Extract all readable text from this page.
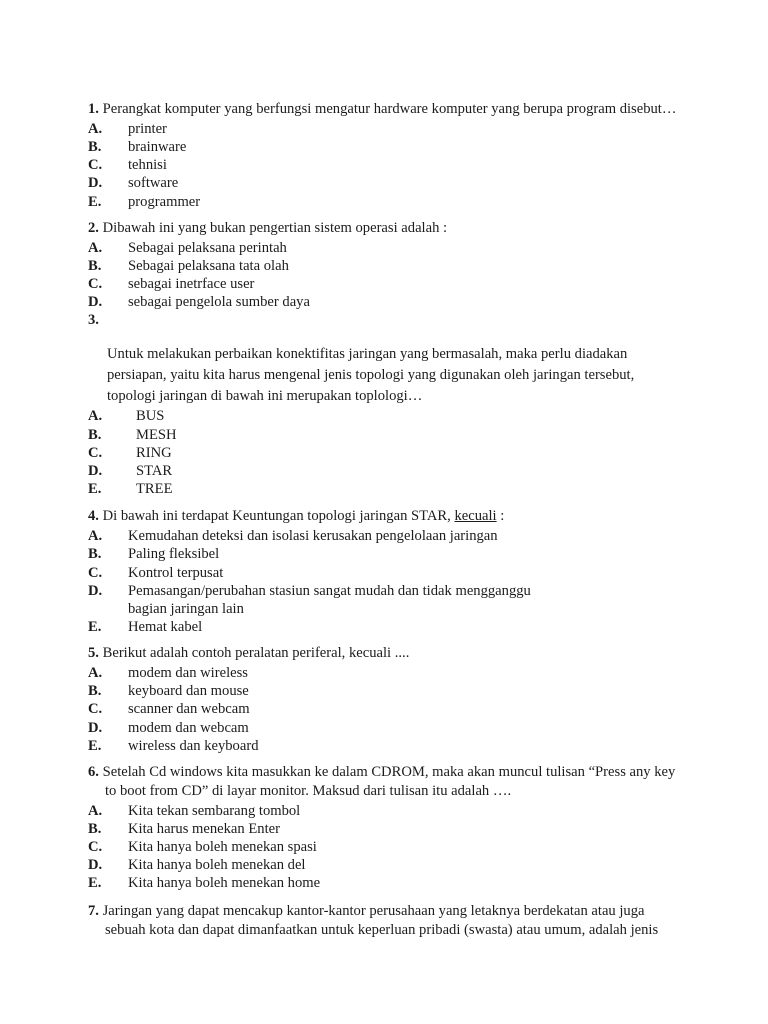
1. Perangkat komputer yang berfungsi mengatur hardware komputer yang berupa program disebut…

A.	printer
B.	brainware
C.	tehnisi
D.	software
E.	programmer

2. Dibawah ini yang bukan pengertian sistem operasi adalah :

A.	Sebagai pelaksana perintah
B.	Sebagai pelaksana tata olah
C.	sebagai inetrface user
D.	sebagai pengelola sumber daya

3.

Untuk melakukan perbaikan konektifitas jaringan yang bermasalah, maka perlu diadakan persiapan, yaitu kita harus mengenal jenis topologi yang digunakan oleh jaringan tersebut, topologi jaringan di bawah ini merupakan toplologi…

A.	BUS
B.	MESH
C.	RING
D.	STAR
E.	TREE

4. Di bawah ini terdapat Keuntungan topologi jaringan STAR, kecuali :

A.	Kemudahan deteksi dan isolasi kerusakan pengelolaan jaringan
B.	Paling fleksibel
C.	Kontrol terpusat
D.	Pemasangan/perubahan stasiun sangat mudah dan tidak mengganggu
bagian jaringan lain
E.	Hemat kabel

5. Berikut adalah contoh peralatan periferal, kecuali ....

A.	modem dan wireless
B.	keyboard dan mouse
C.	scanner dan webcam
D.	modem dan webcam
E.	wireless dan keyboard

6. Setelah Cd windows kita masukkan ke dalam CDROM, maka akan muncul tulisan “Press any key to boot from CD” di layar monitor. Maksud dari tulisan itu adalah ….

A.	Kita tekan sembarang tombol
B.	Kita harus menekan Enter
C.	Kita hanya boleh menekan spasi
D.	Kita hanya boleh menekan del
E.	Kita hanya boleh menekan home

7. Jaringan yang dapat mencakup kantor-kantor perusahaan yang letaknya berdekatan atau juga sebuah kota dan dapat dimanfaatkan untuk keperluan pribadi (swasta) atau umum, adalah jenis
